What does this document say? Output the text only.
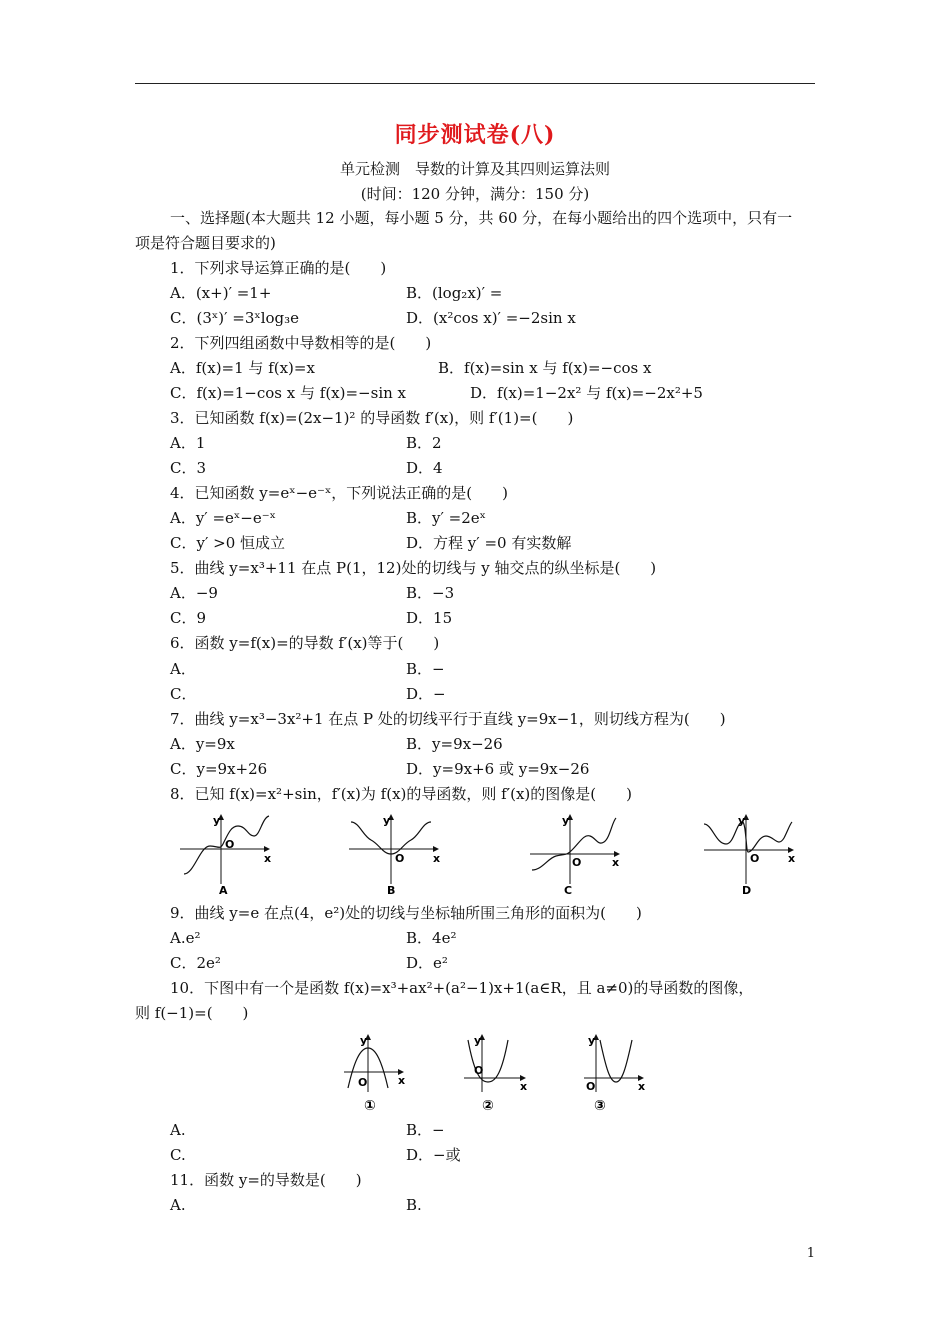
同步测试卷(八)
单元检测　导数的计算及其四则运算法则
(时间：120 分钟，满分：150 分)
一、选择题(本大题共 12 小题，每小题 5 分，共 60 分，在每小题给出的四个选项中，只有一
项是符合题目要求的)
1．下列求导运算正确的是(　　)
A．(x+)′ =1+	B．(log₂x)′ =
C．(3ˣ)′ =3ˣlog₃e	D．(x²cos x)′ =−2sin x
2．下列四组函数中导数相等的是(　　)
A．f(x)=1 与 f(x)=x	B．f(x)=sin x 与 f(x)=−cos x
C．f(x)=1−cos x 与 f(x)=−sin x	D．f(x)=1−2x² 与 f(x)=−2x²+5
3．已知函数 f(x)=(2x−1)² 的导函数 f′(x)，则 f′(1)=(　　)
A．1	B．2
C．3	D．4
4．已知函数 y=eˣ−e⁻ˣ，下列说法正确的是(　　)
A．y′ =eˣ−e⁻ˣ	B．y′ =2eˣ
C．y′ >0 恒成立	D．方程 y′ =0 有实数解
5．曲线 y=x³+11 在点 P(1，12)处的切线与 y 轴交点的纵坐标是(　　)
A．−9	B．−3
C．9	D．15
6．函数 y=f(x)=的导数 f′(x)等于(　　)
A．	B．−
C．	D．−
7．曲线 y=x³−3x²+1 在点 P 处的切线平行于直线 y=9x−1，则切线方程为(　　)
A．y=9x	B．y=9x−26
C．y=9x+26	D．y=9x+6 或 y=9x−26
8．已知 f(x)=x²+sin，f′(x)为 f(x)的导函数，则 f′(x)的图像是(　　)
y
O
x
A
y
O	x
B
y
O	x
C
y
O	x
D
9．曲线 y=e 在点(4，e²)处的切线与坐标轴所围三角形的面积为(　　)
A.e²	B．4e²
C．2e²	D．e²
10．下图中有一个是函数 f(x)=x³+ax²+(a²−1)x+1(a∈R，且 a≠0)的导函数的图像，
则 f(−1)=(　　)
y
O	x
①
y
O
x
②
y
O	x
③
A.	B．−
C.	D．−或
11．函数 y=的导数是(　　)
A.	B.
1
